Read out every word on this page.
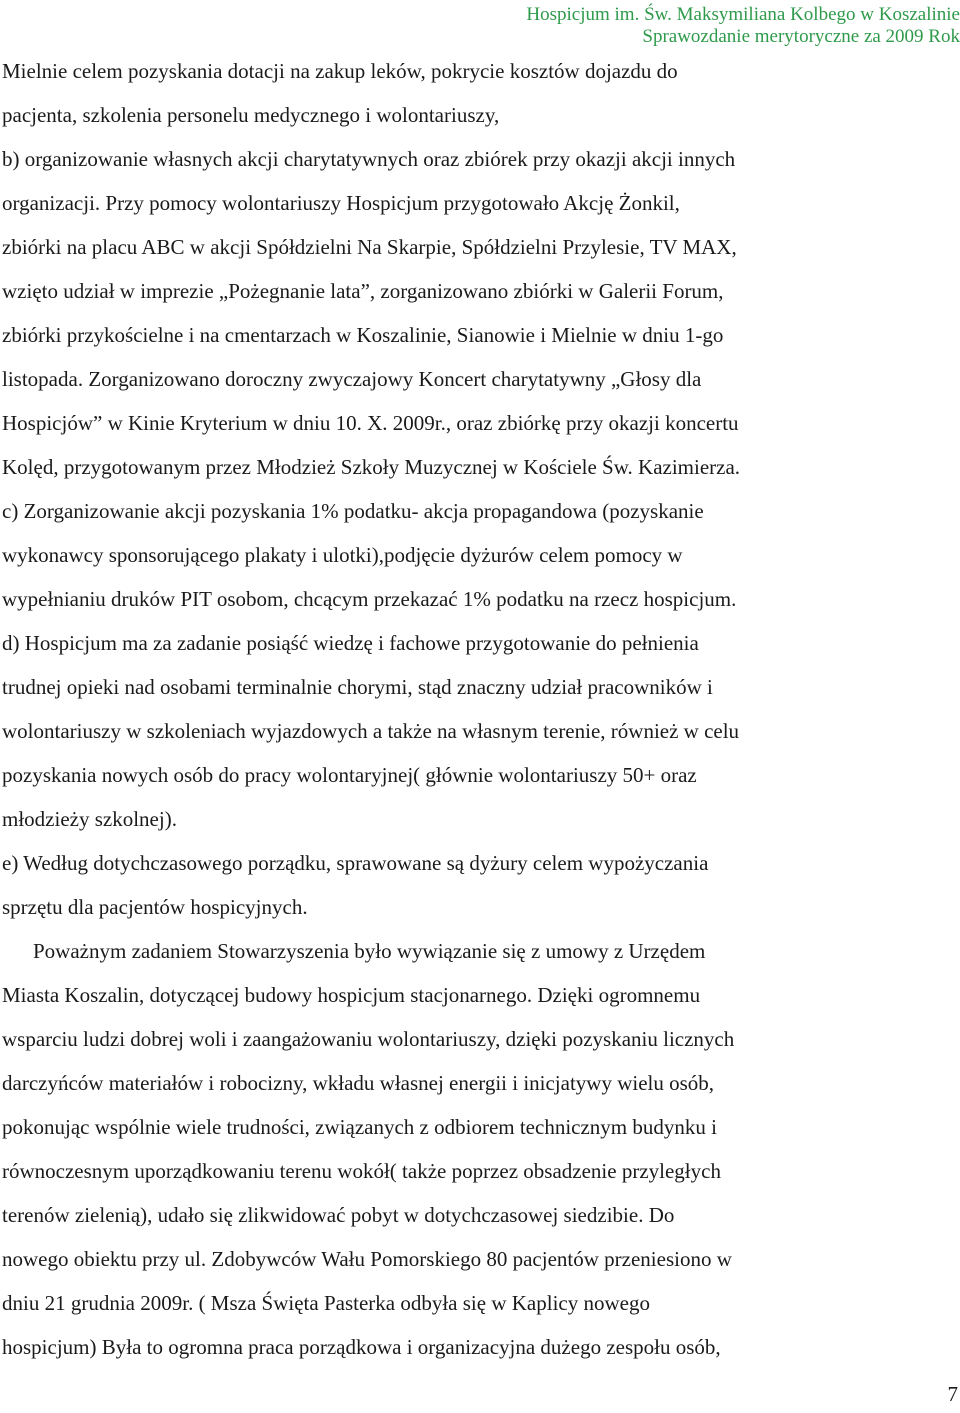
Hospicjum im. Św. Maksymiliana Kolbego w Koszalinie
Sprawozdanie merytoryczne za 2009 Rok
Mielnie celem pozyskania dotacji na zakup leków, pokrycie kosztów dojazdu do
pacjenta, szkolenia personelu medycznego i wolontariuszy,
b) organizowanie własnych akcji charytatywnych oraz zbiórek przy okazji akcji innych
organizacji. Przy pomocy wolontariuszy Hospicjum przygotowało Akcję Żonkil,
zbiórki na placu ABC w akcji Spółdzielni Na Skarpie, Spółdzielni Przylesie, TV MAX,
wzięto udział w imprezie „Pożegnanie lata”, zorganizowano zbiórki w Galerii Forum,
zbiórki przykościelne i na cmentarzach w Koszalinie, Sianowie i Mielnie w dniu 1-go
listopada. Zorganizowano doroczny zwyczajowy Koncert charytatywny „Głosy dla
Hospicjów” w Kinie Kryterium w dniu 10. X. 2009r., oraz zbiórkę przy okazji koncertu
Kolęd, przygotowanym przez Młodzież Szkoły Muzycznej w Kościele Św. Kazimierza.
c) Zorganizowanie akcji pozyskania 1% podatku- akcja propagandowa (pozyskanie
wykonawcy sponsorującego plakaty i ulotki),podjęcie dyżurów celem pomocy w
wypełnianiu druków PIT osobom, chcącym przekazać 1% podatku na rzecz hospicjum.
d) Hospicjum ma za zadanie posiąść wiedzę i fachowe przygotowanie do pełnienia
trudnej opieki nad osobami terminalnie chorymi, stąd znaczny udział pracowników i
wolontariuszy w szkoleniach wyjazdowych a także na własnym terenie, również w celu
pozyskania nowych osób do pracy wolontaryjnej( głównie wolontariuszy 50+ oraz
młodzieży szkolnej).
e) Według dotychczasowego porządku, sprawowane są dyżury celem wypożyczania
sprzętu dla pacjentów hospicyjnych.
Poważnym zadaniem Stowarzyszenia było wywiązanie się z umowy z Urzędem
Miasta Koszalin, dotyczącej budowy hospicjum stacjonarnego. Dzięki ogromnemu
wsparciu ludzi dobrej woli i zaangażowaniu wolontariuszy, dzięki pozyskaniu licznych
darczyńców materiałów i robocizny, wkładu własnej energii i inicjatywy wielu osób,
pokonując wspólnie wiele trudności, związanych z odbiorem technicznym budynku i
równoczesnym uporządkowaniu terenu wokół( także poprzez obsadzenie przyległych
terenów zielenią), udało się zlikwidować pobyt w dotychczasowej siedzibie. Do
nowego obiektu przy ul. Zdobywców Wału Pomorskiego 80 pacjentów przeniesiono w
dniu 21 grudnia 2009r. ( Msza Święta Pasterka odbyła się w Kaplicy nowego
hospicjum) Była to ogromna praca porządkowa i organizacyjna dużego zespołu osób,
7
